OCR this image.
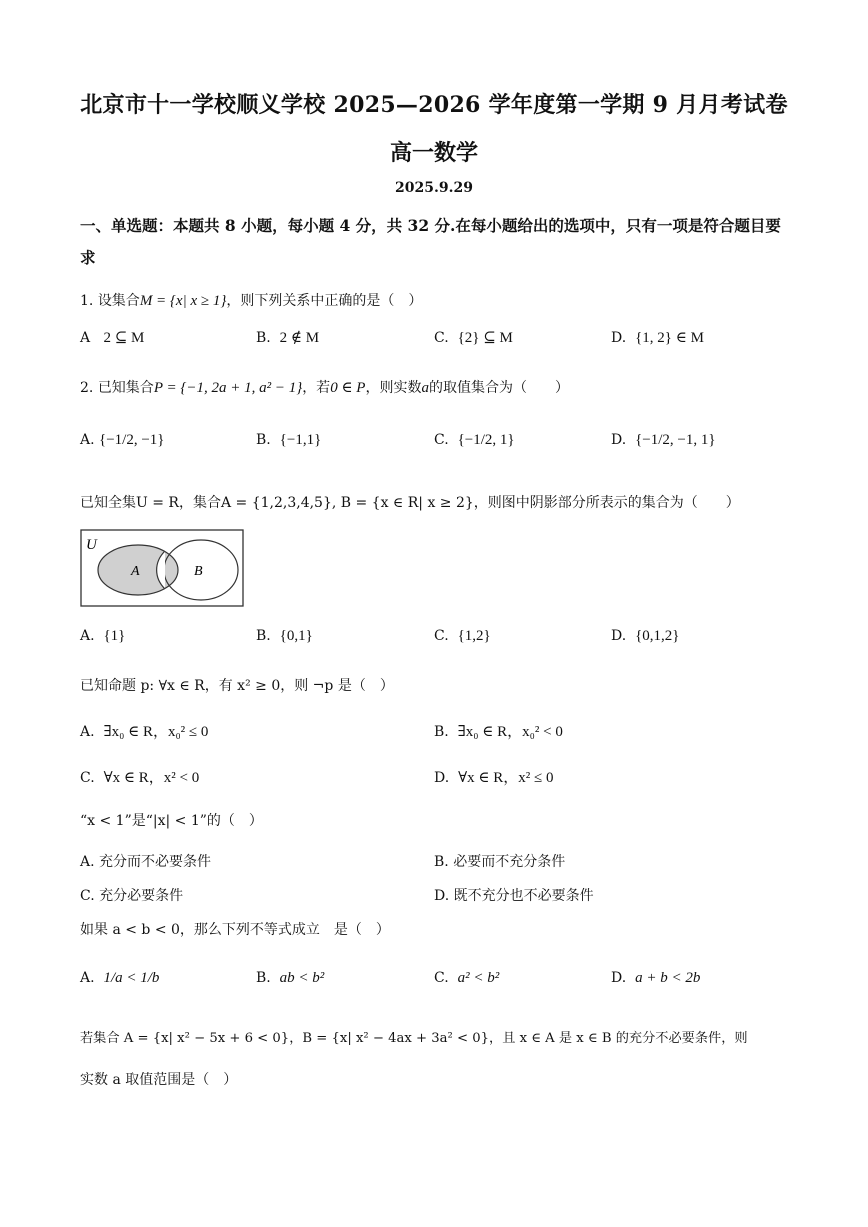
北京市十一学校顺义学校 2025—2026 学年度第一学期 9 月月考试卷
高一数学
2025.9.29
一、单选题：本题共 8 小题，每小题 4 分，共 32 分.在每小题给出的选项中，只有一项是符合题目要求
1. 设集合M = {x| x ≥ 1}，则下列关系中正确的是（　）
A 2 ⊆ M	B. 2 ∉ M	C. {2} ⊆ M	D. {1, 2} ∈ M
2. 已知集合P = {−1, 2a + 1, a² − 1}，若0 ∈ P，则实数a的取值集合为（　　）
A. {−1/2, −1}	B. {−1,1}	C. {−1/2, 1}	D. {−1/2, −1, 1}
已知全集U = R，集合A = {1,2,3,4,5}, B = {x ∈ R| x ≥ 2}，则图中阴影部分所表示的集合为（　　）
U
A	B
A. {1}	B. {0,1}	C. {1,2}	D. {0,1,2}
已知命题 p: ∀x ∈ R，有 x² ≥ 0，则 ¬p 是（　）
A. ∃x₀ ∈ R，x₀² ≤ 0	B. ∃x₀ ∈ R，x₀² < 0
C. ∀x ∈ R，x² < 0	D. ∀x ∈ R，x² ≤ 0
“x < 1”是“|x| < 1”的（　）
A. 充分而不必要条件	B. 必要而不充分条件
C. 充分必要条件	D. 既不充分也不必要条件
如果 a < b < 0，那么下列不等式成立　是（　）
A. 1/a < 1/b	B. ab < b²	C. a² < b²	D. a + b < 2b
若集合 A = {x| x² − 5x + 6 < 0}，B = {x| x² − 4ax + 3a² < 0}，且 x ∈ A 是 x ∈ B 的充分不必要条件，则
实数 a 取值范围是（　）
